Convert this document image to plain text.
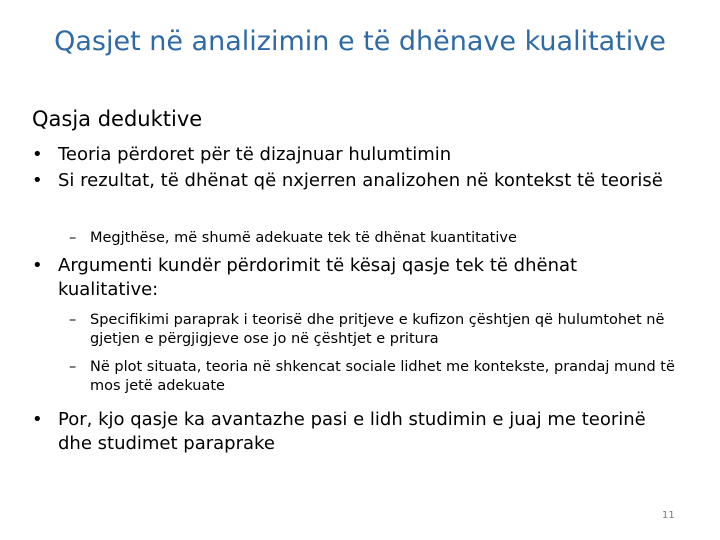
Qasjet në analizimin e të dhënave kualitative
Qasja deduktive
• Teoria përdoret për të dizajnuar hulumtimin
• Si rezultat, të dhënat që nxjerren analizohen në kontekst të teorisë
– Megjthëse, më shumë adekuate tek të dhënat kuantitative
• Argumenti kundër përdorimit të kësaj qasje tek të dhënat kualitative:
– Specifikimi paraprak i teorisë dhe pritjeve e kufizon çështjen që hulumtohet në gjetjen e përgjigjeve ose jo në çështjet e pritura
– Në plot situata, teoria në shkencat sociale lidhet me kontekste, prandaj mund të mos jetë adekuate
• Por, kjo qasje ka avantazhe pasi e lidh studimin e juaj me teorinë dhe studimet paraprake
11
